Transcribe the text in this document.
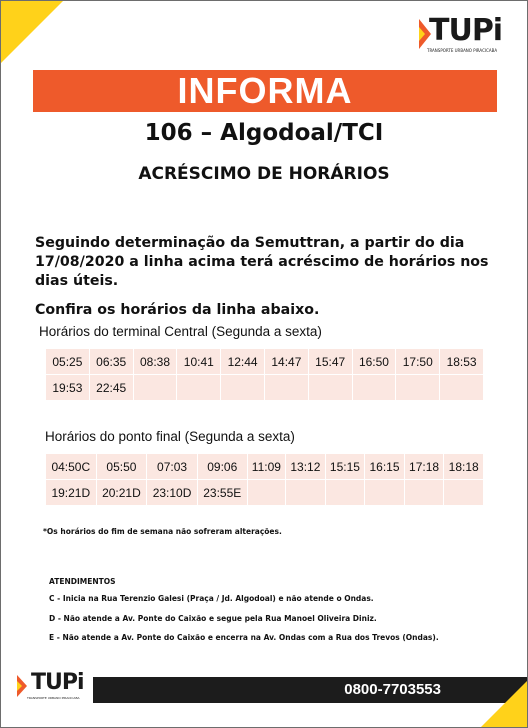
TUPi
TRANSPORTE URBANO PIRACICABA
INFORMA
106 – Algodoal/TCI
ACRÉSCIMO DE HORÁRIOS

Seguindo determinação da Semuttran, a partir do dia 17/08/2020 a linha acima terá acréscimo de horários nos dias úteis.

Confira os horários da linha abaixo.
Horários do terminal Central (Segunda a sexta)
05:25	06:35	08:38	10:41	12:44	14:47	15:47	16:50	17:50	18:53
19:53	22:45								
Horários do ponto final (Segunda a sexta)
04:50C	05:50	07:03	09:06	11:09	13:12	15:15	16:15	17:18	18:18
19:21D	20:21D	23:10D	23:55E						
*Os horários do fim de semana não sofreram alterações.
ATENDIMENTOS
C - Inicia na Rua Terenzio Galesi (Praça / Jd. Algodoal) e não atende o Ondas.
D - Não atende a Av. Ponte do Caixão e segue pela Rua Manoel Oliveira Diniz.
E - Não atende a Av. Ponte do Caixão e encerra na Av. Ondas com a Rua dos Trevos (Ondas).
TUPi
TRANSPORTE URBANO PIRACICABA	0800-7703553
